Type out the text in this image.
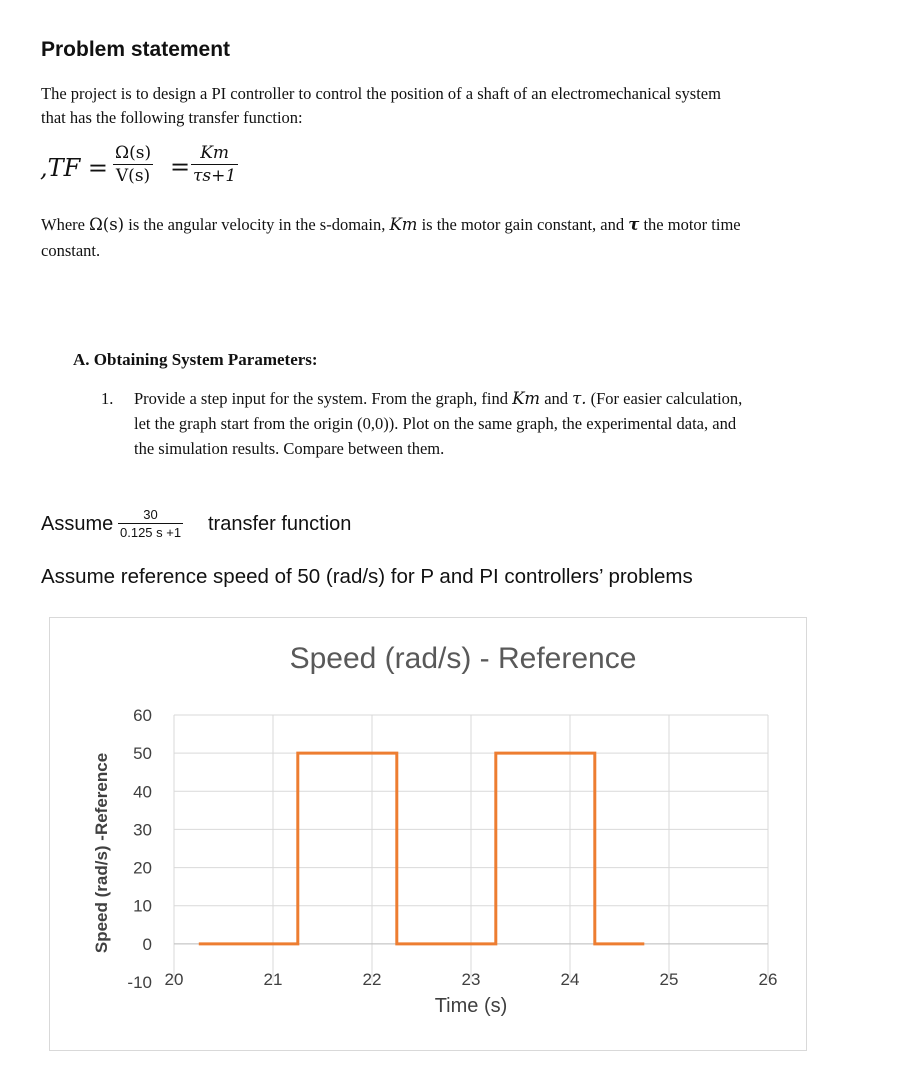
Problem statement
The project is to design a PI controller to control the position of a shaft of an electromechanical system
that has the following transfer function:
$,TF = \frac{\Omega(s)}{V(s)} = \frac{Km}{\tau s+1}$
Where Ω(s) is the angular velocity in the s-domain, Km is the motor gain constant, and τ the motor time
constant.
A. Obtaining System Parameters:
1. Provide a step input for the system. From the graph, find Km and τ. (For easier calculation,
let the graph start from the origin (0,0)). Plot on the same graph, the experimental data, and
the simulation results. Compare between them.
Assume $\frac{30}{0.125 s +1}$ transfer function
Assume reference speed of 50 (rad/s) for P and PI controllers’ problems
60
50
40
30
20
10
0
-10 20	21	22	23	24	25	26
Speed (rad/s) - Reference
Time (s)
Speed (rad/s) -Reference
